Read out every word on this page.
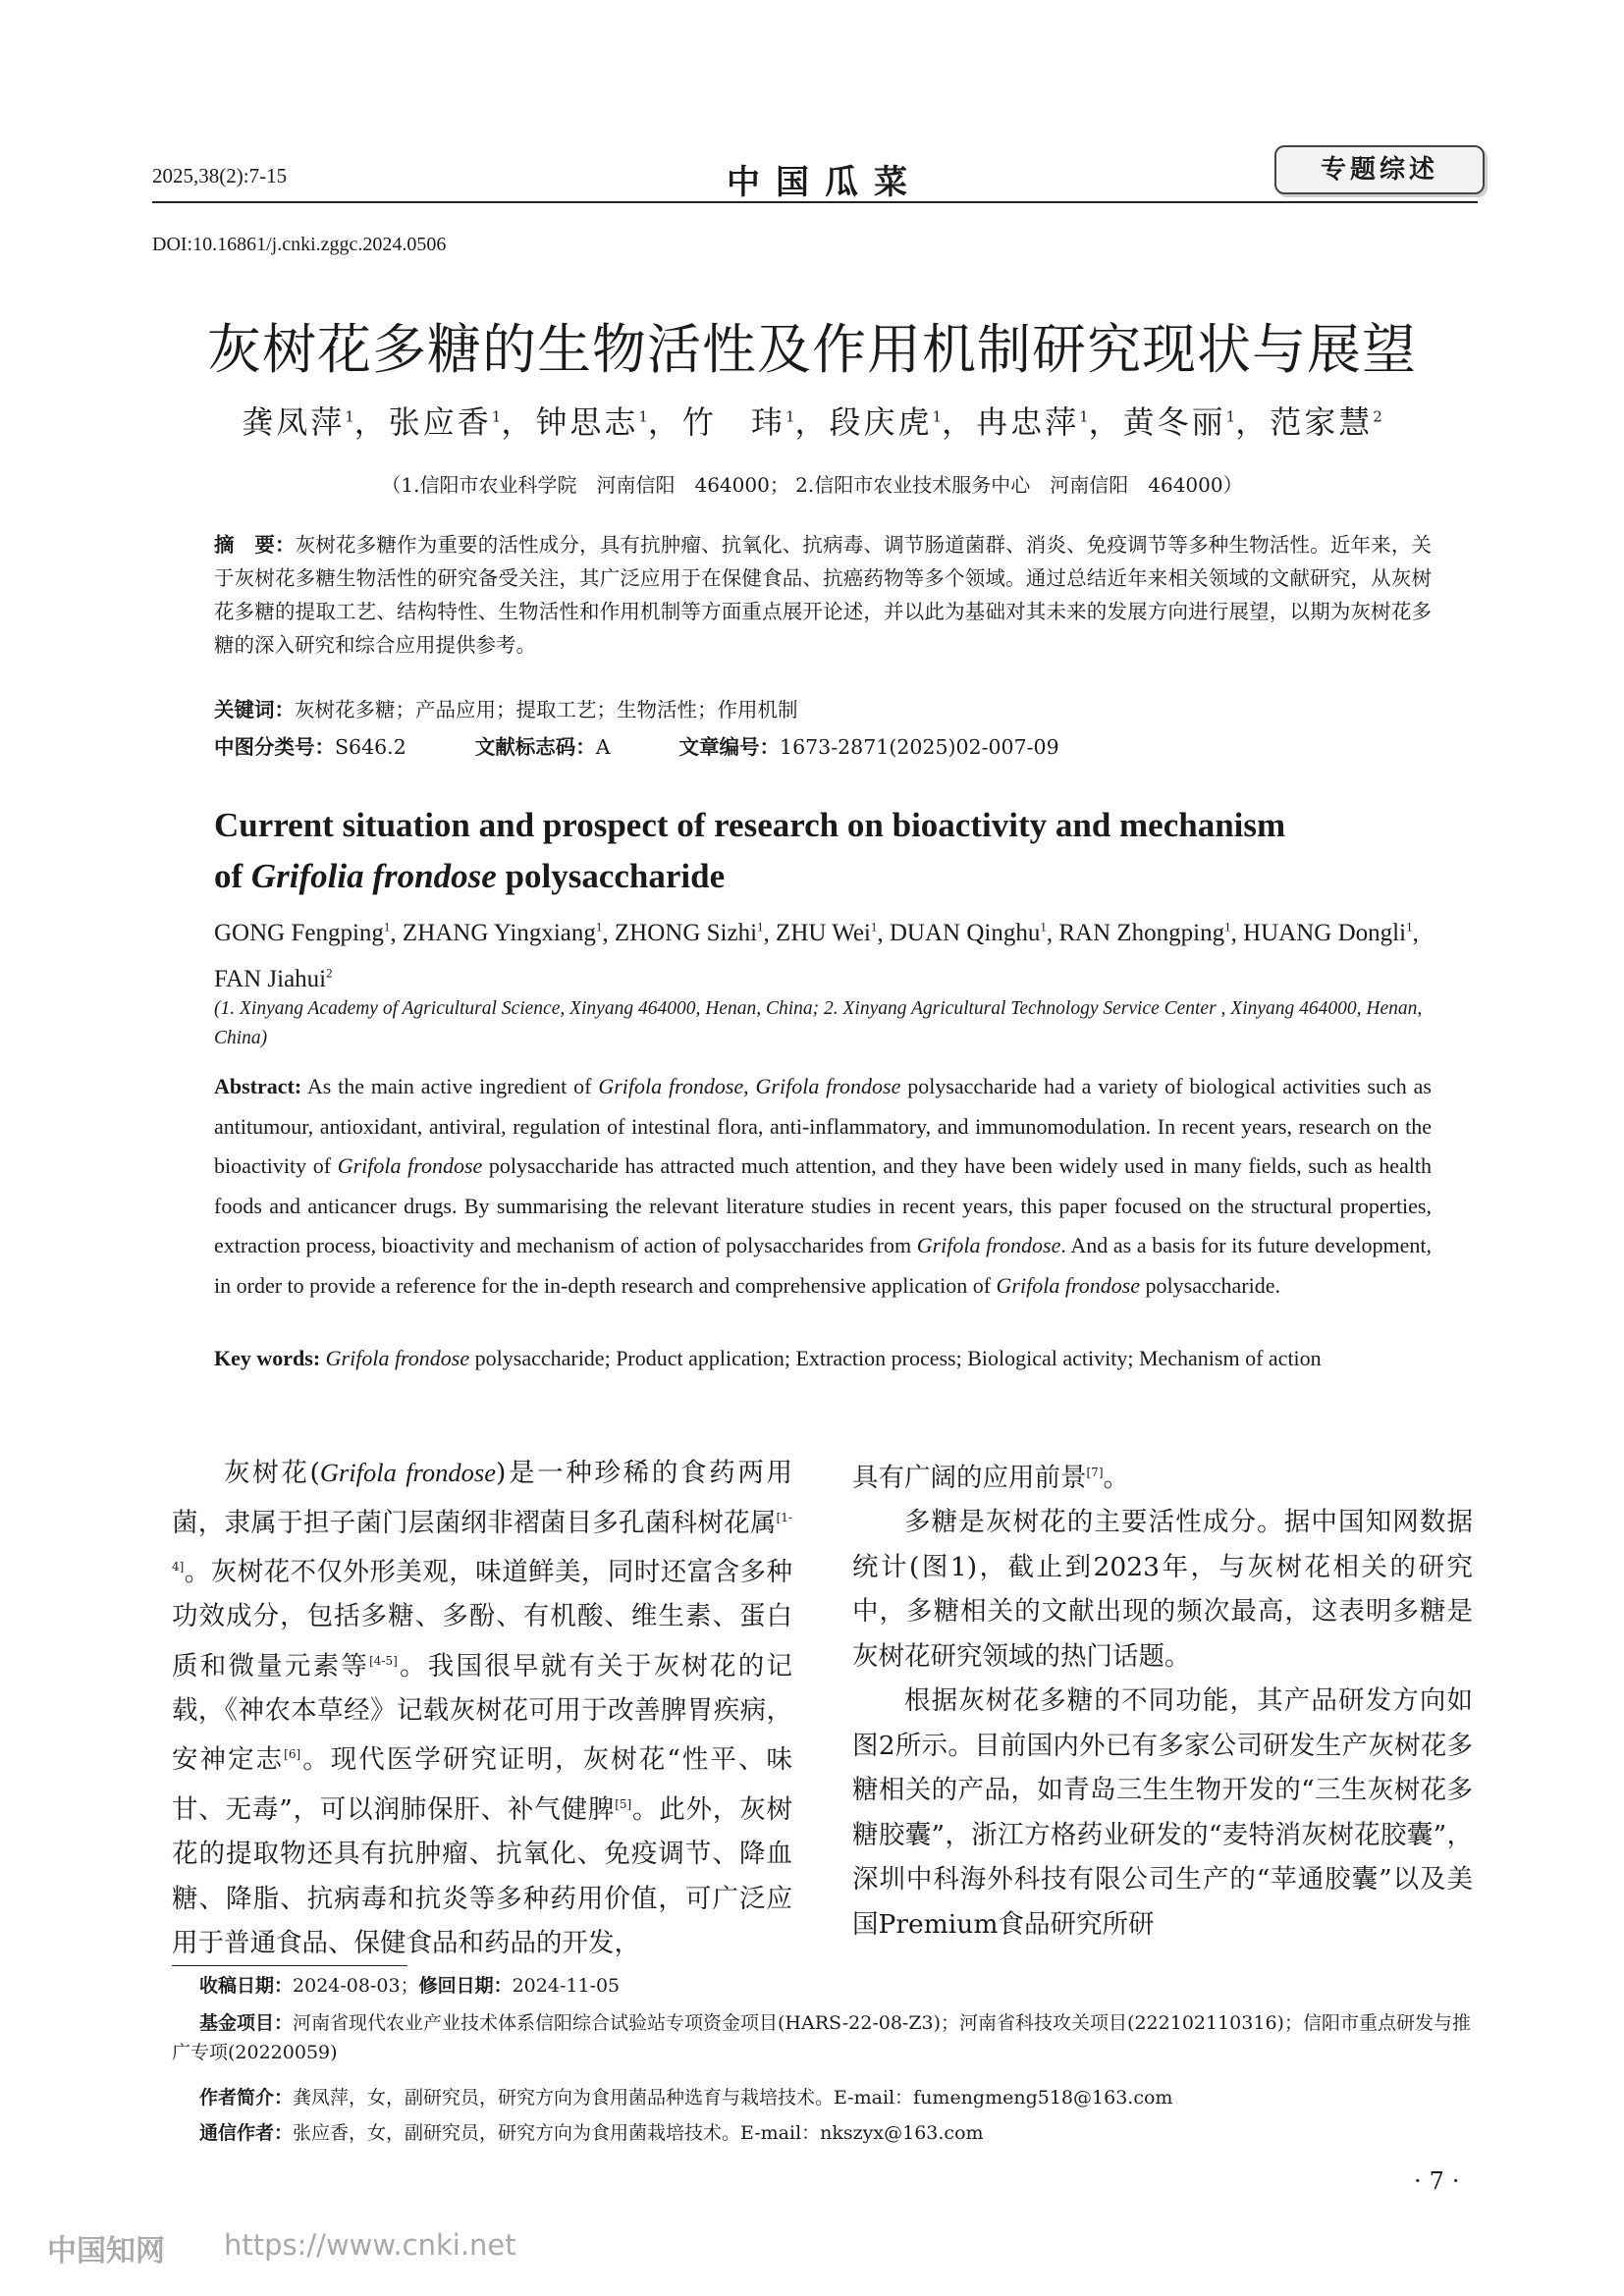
2025,38(2):7-15	中国瓜菜	专题综述
DOI:10.16861/j.cnki.zggc.2024.0506
灰树花多糖的生物活性及作用机制研究现状与展望
龚凤萍$^1$，张应香$^1$，钟思志$^1$，竹　玮$^1$，段庆虎$^1$，冉忠萍$^1$，黄冬丽$^1$，范家慧$^2$
（1.信阳市农业科学院　河南信阳　464000； 2.信阳市农业技术服务中心　河南信阳　464000）
摘　要：灰树花多糖作为重要的活性成分，具有抗肿瘤、抗氧化、抗病毒、调节肠道菌群、消炎、免疫调节等多种生物活性。近年来，关于灰树花多糖生物活性的研究备受关注，其广泛应用于在保健食品、抗癌药物等多个领域。通过总结近年来相关领域的文献研究，从灰树花多糖的提取工艺、结构特性、生物活性和作用机制等方面重点展开论述，并以此为基础对其未来的发展方向进行展望，以期为灰树花多糖的深入研究和综合应用提供参考。
关键词：灰树花多糖；产品应用；提取工艺；生物活性；作用机制
中图分类号：S646.2	文献标志码：A	文章编号：1673-2871(2025)02-007-09
Current situation and prospect of research on bioactivity and mechanism
of Grifolia frondose polysaccharide
GONG Fengping$^1$, ZHANG Yingxiang$^1$, ZHONG Sizhi$^1$, ZHU Wei$^1$, DUAN Qinghu$^1$, RAN Zhongping$^1$, HUANG Dongli$^1$, FAN Jiahui$^2$
(1. Xinyang Academy of Agricultural Science, Xinyang 464000, Henan, China; 2. Xinyang Agricultural Technology Service Center , Xinyang 464000, Henan, China)
Abstract: As the main active ingredient of Grifola frondose, Grifola frondose polysaccharide had a variety of biological activities such as antitumour, antioxidant, antiviral, regulation of intestinal flora, anti-inflammatory, and immunomodulation. In recent years, research on the bioactivity of Grifola frondose polysaccharide has attracted much attention, and they have been widely used in many fields, such as health foods and anticancer drugs. By summarising the relevant literature studies in recent years, this paper focused on the structural properties, extraction process, bioactivity and mechanism of action of polysaccharides from Grifola frondose. And as a basis for its future development, in order to provide a reference for the in-depth research and comprehensive application of Grifola frondose polysaccharide.
Key words: Grifola frondose polysaccharide; Product application; Extraction process; Biological activity; Mechanism of action

灰树花(Grifola frondose)是一种珍稀的食药两用菌，隶属于担子菌门层菌纲非褶菌目多孔菌科树花属[1-4]。灰树花不仅外形美观，味道鲜美，同时还富含多种功效成分，包括多糖、多酚、有机酸、维生素、蛋白质和微量元素等[4-5]。我国很早就有关于灰树花的记载，《神农本草经》记载灰树花可用于改善脾胃疾病，安神定志[6]。现代医学研究证明，灰树花“性平、味甘、无毒”，可以润肺保肝、补气健脾[5]。此外，灰树花的提取物还具有抗肿瘤、抗氧化、免疫调节、降血糖、降脂、抗病毒和抗炎等多种药用价值，可广泛应用于普通食品、保健食品和药品的开发，

具有广阔的应用前景[7]。

多糖是灰树花的主要活性成分。据中国知网数据统计(图1)，截止到2023年，与灰树花相关的研究中，多糖相关的文献出现的频次最高，这表明多糖是灰树花研究领域的热门话题。

根据灰树花多糖的不同功能，其产品研发方向如图2所示。目前国内外已有多家公司研发生产灰树花多糖相关的产品，如青岛三生生物开发的“三生灰树花多糖胶囊”，浙江方格药业研发的“麦特消灰树花胶囊”，深圳中科海外科技有限公司生产的“苹通胶囊”以及美国Premium食品研究所研

收稿日期：2024-08-03；修回日期：2024-11-05
基金项目：河南省现代农业产业技术体系信阳综合试验站专项资金项目(HARS-22-08-Z3)；河南省科技攻关项目(222102110316)；信阳市重点研发与推广专项(20220059)
作者简介：龚凤萍，女，副研究员，研究方向为食用菌品种选育与栽培技术。E-mail：fumengmeng518@163.com
通信作者：张应香，女，副研究员，研究方向为食用菌栽培技术。E-mail：nkszyx@163.com
·7·
中国知网 https://www.cnki.net
